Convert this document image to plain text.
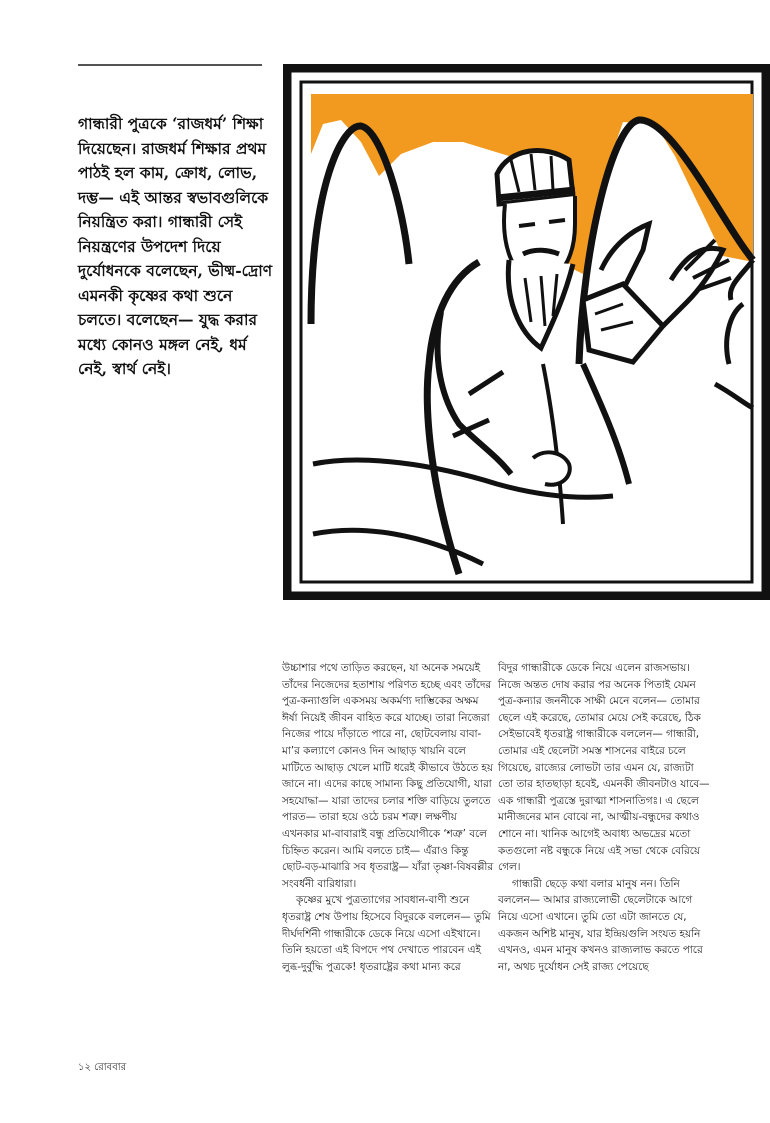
গান্ধারী পুত্রকে ‘রাজধর্ম’ শিক্ষা দিয়েছেন। রাজধর্ম শিক্ষার প্রথম পাঠই হল কাম, ক্রোধ, লোভ, দম্ভ— এই আন্তর স্বভাবগুলিকে নিয়ন্ত্রিত করা। গান্ধারী সেই নিয়ন্ত্রণের উপদেশ দিয়ে দুর্যোধনকে বলেছেন, ভীষ্ম-দ্রোণ এমনকী কৃষ্ণের কথা শুনে চলতে। বলেছেন— যুদ্ধ করার মধ্যে কোনও মঙ্গল নেই, ধর্ম নেই, স্বার্থ নেই।

উচ্চাশার পথে তাড়িত করছেন, যা অনেক সময়েই তাঁদের নিজেদের হতাশায় পরিণত হচ্ছে এবং তাঁদের পুত্র-কন্যাগুলি একসময় অকর্মণ্য দাম্ভিকের অক্ষম ঈর্ষা নিয়েই জীবন বাহিত করে যাচ্ছে। তারা নিজেরা নিজের পায়ে দাঁড়াতে পারে না, ছোটবেলায় বাবা-মা’র কল্যাণে কোনও দিন আছাড় খায়নি বলে মাটিতে আছাড় খেলে মাটি ধরেই কীভাবে উঠতে হয় জানে না। এদের কাছে সামান্য কিছু প্রতিযোগী, যারা সহযোদ্ধা— যারা তাদের চলার শক্তি বাড়িয়ে তুলতে পারত— তারা হয়ে ওঠে চরম শত্রু। লক্ষণীয় এখনকার মা-বাবারাই বন্ধু প্রতিযোগীকে ‘শত্রু’ বলে চিহ্নিত করেন। আমি বলতে চাই— এঁরাও কিন্তু ছোট-বড়-মাঝারি সব ধৃতরাষ্ট্র— যাঁরা তৃষ্ণা-বিষবল্লীর সংবর্ধনী বারিধারা।

কৃষ্ণের মুখে পুত্রত্যাগের সাবধান-বাণী শুনে ধৃতরাষ্ট্র শেষ উপায় হিসেবে বিদুরকে বললেন— তুমি দীর্ঘদর্শিনী গান্ধারীকে ডেকে নিয়ে এসো এইখানে। তিনি হয়তো এই বিপদে পথ দেখাতে পারবেন এই লুব্ধ-দুর্বুদ্ধি পুত্রকে! ধৃতরাষ্ট্রের কথা মান্য করে

বিদুর গান্ধারীকে ডেকে নিয়ে এলেন রাজসভায়। নিজে অন্তত দোষ করার পর অনেক পিতাই যেমন পুত্র-কন্যার জননীকে সাক্ষী মেনে বলেন— তোমার ছেলে এই করেছে, তোমার মেয়ে সেই করেছে, ঠিক সেইভাবেই ধৃতরাষ্ট্র গান্ধারীকে বললেন— গান্ধারী, তোমার এই ছেলেটা সমস্ত শাসনের বাইরে চলে গিয়েছে, রাজ্যের লোভটা তার এমন যে, রাজ্যটা তো তার হাতছাড়া হবেই, এমনকী জীবনটাও যাবে— এক গান্ধারী পুত্রস্তে দুরাত্মা শাসনাতিগঃ। এ ছেলে মানীজনের মান বোঝে না, আত্মীয়-বন্ধুদের কথাও শোনে না। খানিক আগেই অবাধ্য অভদ্রের মতো কতগুলো নষ্ট বন্ধুকে নিয়ে এই সভা থেকে বেরিয়ে গেল।

গান্ধারী ছেড়ে কথা বলার মানুষ নন। তিনি বললেন— আমার রাজ্যলোভী ছেলেটাকে আগে নিয়ে এসো এখানে। তুমি তো এটা জানতে যে, একজন অশিষ্ট মানুষ, যার ইন্দ্রিয়গুলি সংযত হয়নি এখনও, এমন মানুষ কখনও রাজ্যলাভ করতে পারে না, অথচ দুর্যোধন সেই রাজ্য পেয়েছে

১২ রোববার
